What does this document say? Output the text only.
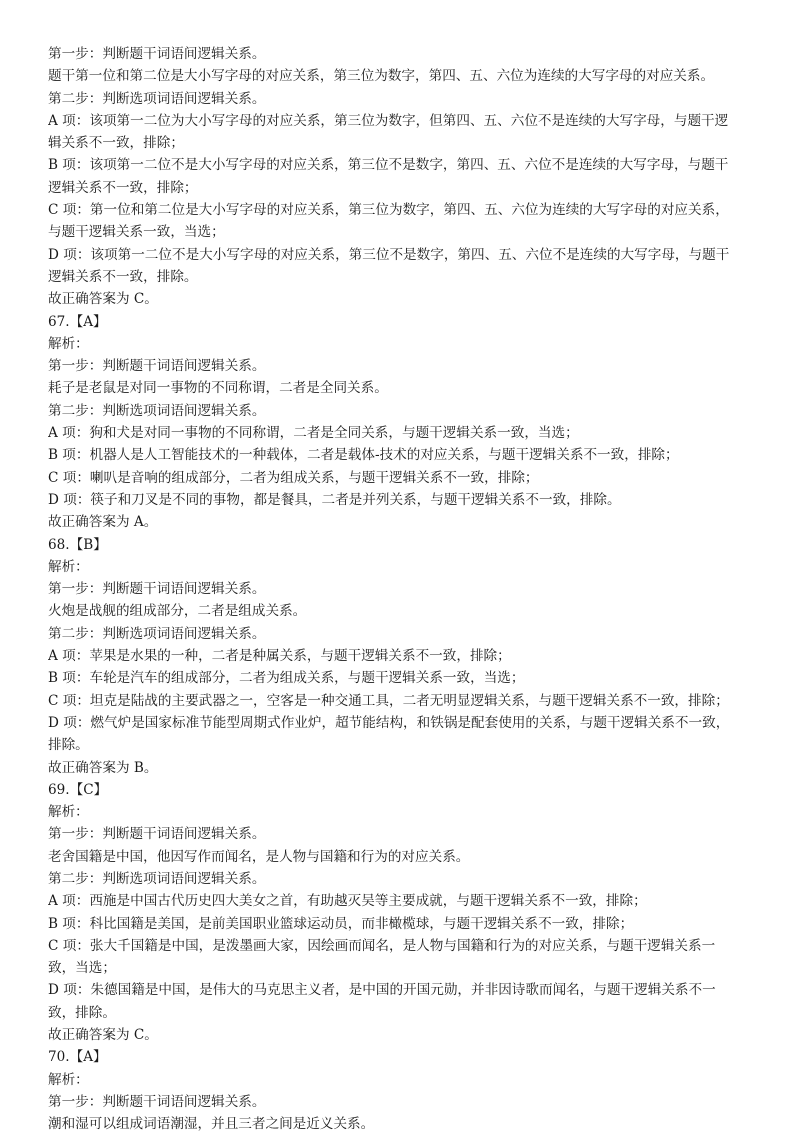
第一步：判断题干词语间逻辑关系。
题干第一位和第二位是大小写字母的对应关系，第三位为数字，第四、五、六位为连续的大写字母的对应关系。
第二步：判断选项词语间逻辑关系。
A 项：该项第一二位为大小写字母的对应关系，第三位为数字，但第四、五、六位不是连续的大写字母，与题干逻
辑关系不一致，排除；
B 项：该项第一二位不是大小写字母的对应关系，第三位不是数字，第四、五、六位不是连续的大写字母，与题干
逻辑关系不一致，排除；
C 项：第一位和第二位是大小写字母的对应关系，第三位为数字，第四、五、六位为连续的大写字母的对应关系，
与题干逻辑关系一致，当选；
D 项：该项第一二位不是大小写字母的对应关系，第三位不是数字，第四、五、六位不是连续的大写字母，与题干
逻辑关系不一致，排除。
故正确答案为 C。
67.【A】
解析：
第一步：判断题干词语间逻辑关系。
耗子是老鼠是对同一事物的不同称谓，二者是全同关系。
第二步：判断选项词语间逻辑关系。
A 项：狗和犬是对同一事物的不同称谓，二者是全同关系，与题干逻辑关系一致，当选；
B 项：机器人是人工智能技术的一种载体，二者是载体-技术的对应关系，与题干逻辑关系不一致，排除；
C 项：喇叭是音响的组成部分，二者为组成关系，与题干逻辑关系不一致，排除；
D 项：筷子和刀叉是不同的事物，都是餐具，二者是并列关系，与题干逻辑关系不一致，排除。
故正确答案为 A。
68.【B】
解析：
第一步：判断题干词语间逻辑关系。
火炮是战舰的组成部分，二者是组成关系。
第二步：判断选项词语间逻辑关系。
A 项：苹果是水果的一种，二者是种属关系，与题干逻辑关系不一致，排除；
B 项：车轮是汽车的组成部分，二者为组成关系，与题干逻辑关系一致，当选；
C 项：坦克是陆战的主要武器之一，空客是一种交通工具，二者无明显逻辑关系，与题干逻辑关系不一致，排除；
D 项：燃气炉是国家标准节能型周期式作业炉，超节能结构，和铁锅是配套使用的关系，与题干逻辑关系不一致，
排除。
故正确答案为 B。
69.【C】
解析：
第一步：判断题干词语间逻辑关系。
老舍国籍是中国，他因写作而闻名，是人物与国籍和行为的对应关系。
第二步：判断选项词语间逻辑关系。
A 项：西施是中国古代历史四大美女之首，有助越灭吴等主要成就，与题干逻辑关系不一致，排除；
B 项：科比国籍是美国，是前美国职业篮球运动员，而非橄榄球，与题干逻辑关系不一致，排除；
C 项：张大千国籍是中国，是泼墨画大家，因绘画而闻名，是人物与国籍和行为的对应关系，与题干逻辑关系一
致，当选；
D 项：朱德国籍是中国，是伟大的马克思主义者，是中国的开国元勋，并非因诗歌而闻名，与题干逻辑关系不一
致，排除。
故正确答案为 C。
70.【A】
解析：
第一步：判断题干词语间逻辑关系。
潮和湿可以组成词语潮湿，并且三者之间是近义关系。
